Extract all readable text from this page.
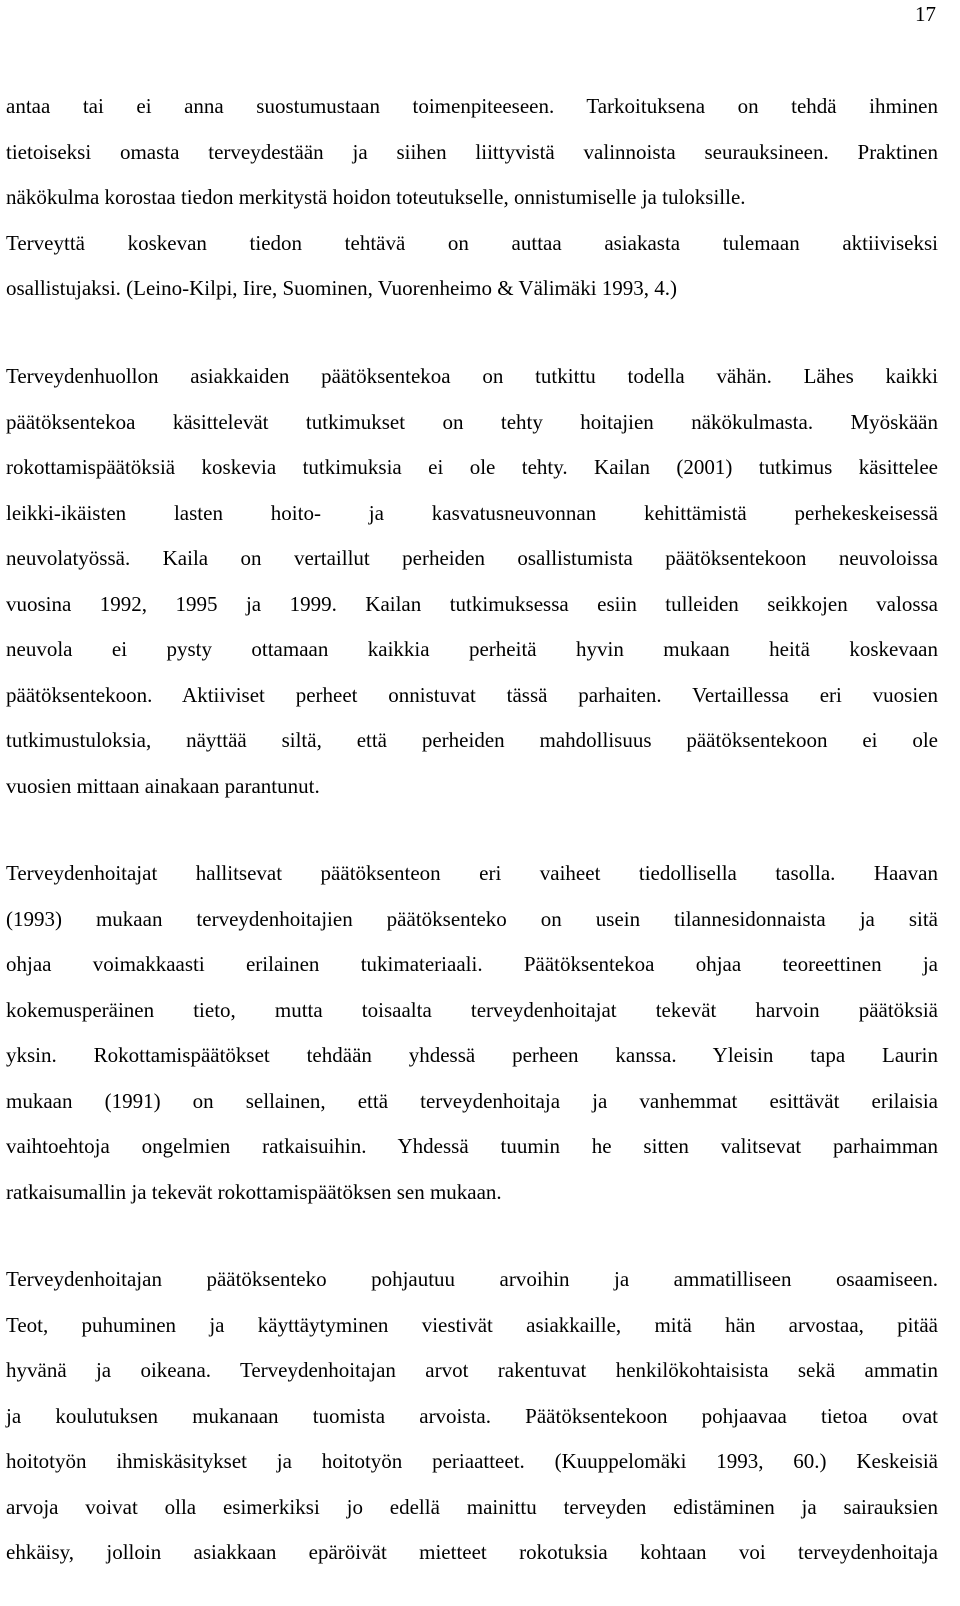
17
antaa tai ei anna suostumustaan toimenpiteeseen. Tarkoituksena on tehdä ihminen
tietoiseksi omasta terveydestään ja siihen liittyvistä valinnoista seurauksineen. Praktinen
näkökulma korostaa tiedon merkitystä hoidon toteutukselle, onnistumiselle ja tuloksille.
Terveyttä koskevan tiedon tehtävä on auttaa asiakasta tulemaan aktiiviseksi
osallistujaksi. (Leino-Kilpi, Iire, Suominen, Vuorenheimo & Välimäki 1993, 4.)
Terveydenhuollon asiakkaiden päätöksentekoa on tutkittu todella vähän. Lähes kaikki
päätöksentekoa käsittelevät tutkimukset on tehty hoitajien näkökulmasta. Myöskään
rokottamispäätöksiä koskevia tutkimuksia ei ole tehty. Kailan (2001) tutkimus käsittelee
leikki-ikäisten lasten hoito- ja kasvatusneuvonnan kehittämistä perhekeskeisessä
neuvolatyössä. Kaila on vertaillut perheiden osallistumista päätöksentekoon neuvoloissa
vuosina 1992, 1995 ja 1999. Kailan tutkimuksessa esiin tulleiden seikkojen valossa
neuvola ei pysty ottamaan kaikkia perheitä hyvin mukaan heitä koskevaan
päätöksentekoon. Aktiiviset perheet onnistuvat tässä parhaiten. Vertaillessa eri vuosien
tutkimustuloksia, näyttää siltä, että perheiden mahdollisuus päätöksentekoon ei ole
vuosien mittaan ainakaan parantunut.
Terveydenhoitajat hallitsevat päätöksenteon eri vaiheet tiedollisella tasolla. Haavan
(1993) mukaan terveydenhoitajien päätöksenteko on usein tilannesidonnaista ja sitä
ohjaa voimakkaasti erilainen tukimateriaali. Päätöksentekoa ohjaa teoreettinen ja
kokemusperäinen tieto, mutta toisaalta terveydenhoitajat tekevät harvoin päätöksiä
yksin. Rokottamispäätökset tehdään yhdessä perheen kanssa. Yleisin tapa Laurin
mukaan (1991) on sellainen, että terveydenhoitaja ja vanhemmat esittävät erilaisia
vaihtoehtoja ongelmien ratkaisuihin. Yhdessä tuumin he sitten valitsevat parhaimman
ratkaisumallin ja tekevät rokottamispäätöksen sen mukaan.
Terveydenhoitajan päätöksenteko pohjautuu arvoihin ja ammatilliseen osaamiseen.
Teot, puhuminen ja käyttäytyminen viestivät asiakkaille, mitä hän arvostaa, pitää
hyvänä ja oikeana. Terveydenhoitajan arvot rakentuvat henkilökohtaisista sekä ammatin
ja koulutuksen mukanaan tuomista arvoista. Päätöksentekoon pohjaavaa tietoa ovat
hoitotyön ihmiskäsitykset ja hoitotyön periaatteet. (Kuuppelomäki 1993, 60.) Keskeisiä
arvoja voivat olla esimerkiksi jo edellä mainittu terveyden edistäminen ja sairauksien
ehkäisy, jolloin asiakkaan epäröivät mietteet rokotuksia kohtaan voi terveydenhoitaja
